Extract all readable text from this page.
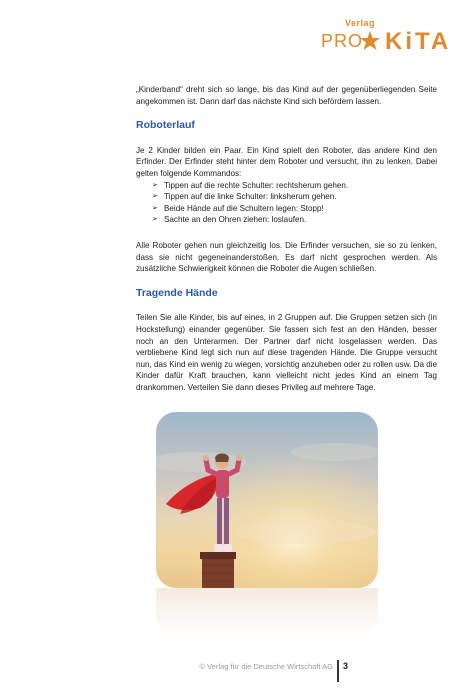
Verlag
PRO KiTA

„Kinderband“ dreht sich so lange, bis das Kind auf der gegenüberliegenden Seite angekommen ist. Dann darf das nächste Kind sich befördern lassen.

Roboterlauf

Je 2 Kinder bilden ein Paar. Ein Kind spielt den Roboter, das andere Kind den Erfinder. Der Erfinder steht hinter dem Roboter und versucht, ihn zu lenken. Dabei gelten folgende Kommandos:

➢ Tippen auf die rechte Schulter: rechtsherum gehen.
➢ Tippen auf die linke Schulter: linksherum gehen.
➢ Beide Hände auf die Schultern legen: Stopp!
➢ Sachte an den Ohren ziehen: loslaufen.

Alle Roboter gehen nun gleichzeitig los. Die Erfinder versuchen, sie so zu lenken, dass sie nicht gegeneinanderstoßen. Es darf nicht gesprochen werden. Als zusätzliche Schwierigkeit können die Roboter die Augen schließen.

Tragende Hände

Teilen Sie alle Kinder, bis auf eines, in 2 Gruppen auf. Die Gruppen setzen sich (in Hockstellung) einander gegenüber. Sie fassen sich fest an den Händen, besser noch an den Unterarmen. Der Partner darf nicht losgelassen werden. Das verbliebene Kind legt sich nun auf diese tragenden Hände. Die Gruppe versucht nun, das Kind ein wenig zu wiegen, vorsichtig anzuheben oder zu rollen usw. Da die Kinder dafür Kraft brauchen, kann vielleicht nicht jedes Kind an einem Tag drankommen. Verteilen Sie dann dieses Privileg auf mehrere Tage.

© Verlag für die Deutsche Wirtschaft AG 3
